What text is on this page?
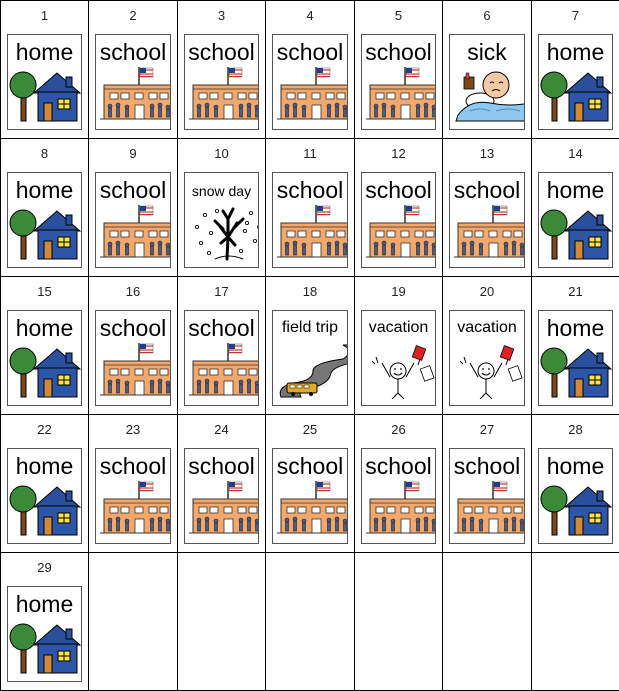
1
home
2
school
3
school
4
school
5
school
6
sick
7
home
8
home
9
school
10
snow day
11
school
12
school
13
school
14
home
15
home
16
school
17
school
18
field trip
19
vacation
20
vacation
21
home
22
home
23
school
24
school
25
school
26
school
27
school
28
home
29
home
